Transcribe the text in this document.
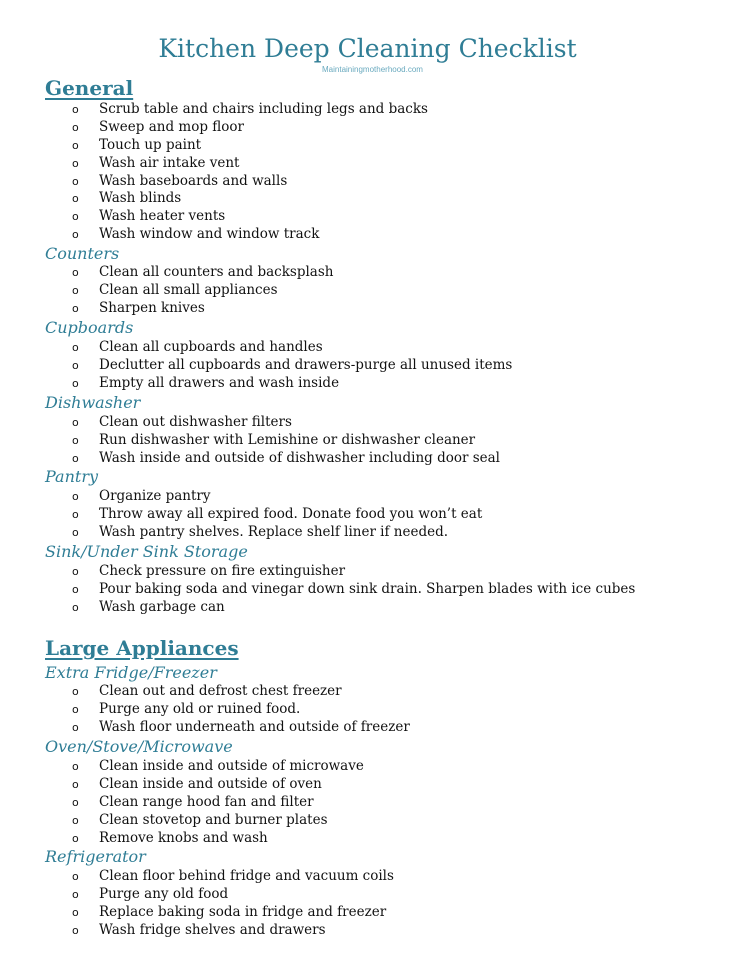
Kitchen Deep Cleaning Checklist
Maintainingmotherhood.com
General
o Scrub table and chairs including legs and backs
o Sweep and mop floor
o Touch up paint
o Wash air intake vent
o Wash baseboards and walls
o Wash blinds
o Wash heater vents
o Wash window and window track
Counters
o Clean all counters and backsplash
o Clean all small appliances
o Sharpen knives
Cupboards
o Clean all cupboards and handles
o Declutter all cupboards and drawers-purge all unused items
o Empty all drawers and wash inside
Dishwasher
o Clean out dishwasher filters
o Run dishwasher with Lemishine or dishwasher cleaner
o Wash inside and outside of dishwasher including door seal
Pantry
o Organize pantry
o Throw away all expired food. Donate food you won’t eat
o Wash pantry shelves. Replace shelf liner if needed.
Sink/Under Sink Storage
o Check pressure on fire extinguisher
o Pour baking soda and vinegar down sink drain. Sharpen blades with ice cubes
o Wash garbage can
Large Appliances
Extra Fridge/Freezer
o Clean out and defrost chest freezer
o Purge any old or ruined food.
o Wash floor underneath and outside of freezer
Oven/Stove/Microwave
o Clean inside and outside of microwave
o Clean inside and outside of oven
o Clean range hood fan and filter
o Clean stovetop and burner plates
o Remove knobs and wash
Refrigerator
o Clean floor behind fridge and vacuum coils
o Purge any old food
o Replace baking soda in fridge and freezer
o Wash fridge shelves and drawers
